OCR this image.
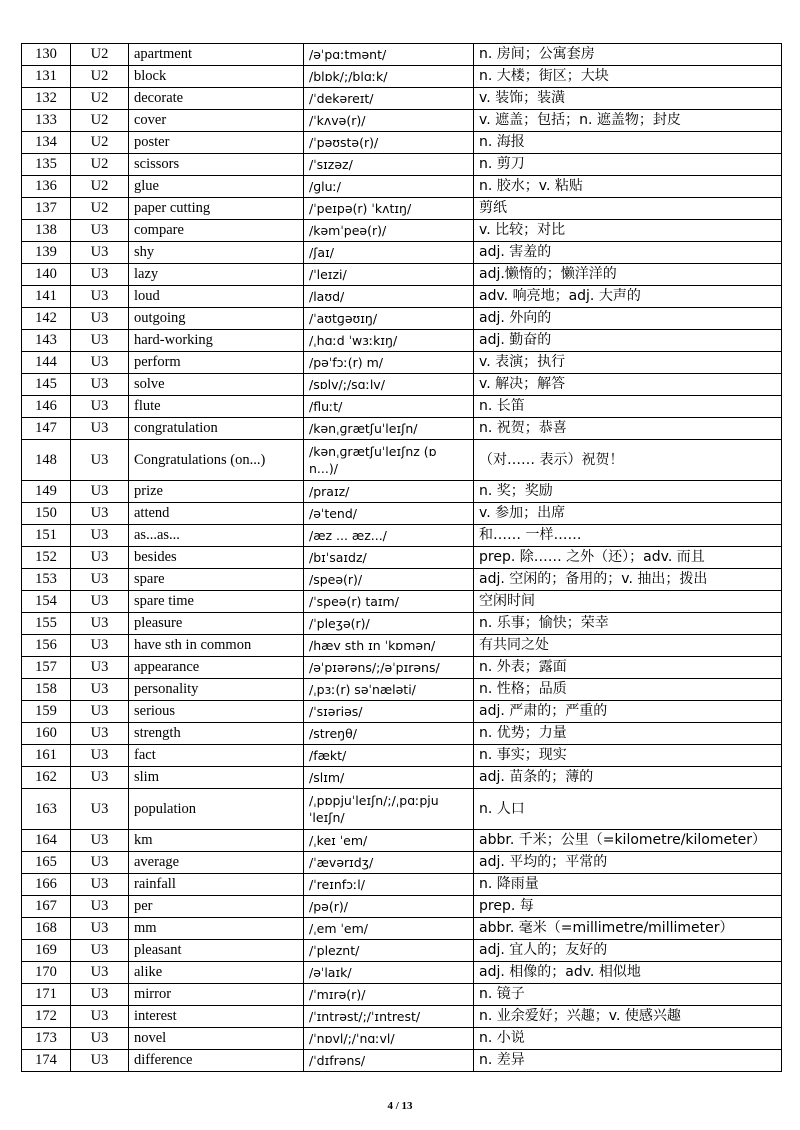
130	U2	apartment	/əˈpɑːtmənt/	n. 房间；公寓套房
131	U2	block	/blɒk/;/blɑːk/	n. 大楼；街区；大块
132	U2	decorate	/ˈdekəreɪt/	v. 装饰；装潢
133	U2	cover	/ˈkʌvə(r)/	v. 遮盖；包括；n. 遮盖物；封皮
134	U2	poster	/ˈpəʊstə(r)/	n. 海报
135	U2	scissors	/ˈsɪzəz/	n. 剪刀
136	U2	glue	/ɡluː/	n. 胶水；v. 粘贴
137	U2	paper cutting	/ˈpeɪpə(r) ˈkʌtɪŋ/	剪纸
138	U3	compare	/kəmˈpeə(r)/	v. 比较；对比
139	U3	shy	/ʃaɪ/	adj. 害羞的
140	U3	lazy	/ˈleɪzi/	adj.懒惰的；懒洋洋的
141	U3	loud	/laʊd/	adv. 响亮地；adj. 大声的
142	U3	outgoing	/ˈaʊtɡəʊɪŋ/	adj. 外向的
143	U3	hard-working	/ˌhɑːd ˈwɜːkɪŋ/	adj. 勤奋的
144	U3	perform	/pəˈfɔː(r) m/	v. 表演；执行
145	U3	solve	/sɒlv/;/sɑːlv/	v. 解决；解答
146	U3	flute	/fluːt/	n. 长笛
147	U3	congratulation	/kənˌɡrætʃuˈleɪʃn/	n. 祝贺；恭喜
148	U3	Congratulations (on...)	/kənˌɡrætʃuˈleɪʃnz (ɒ n...)/	（对…… 表示）祝贺！
149	U3	prize	/praɪz/	n. 奖；奖励
150	U3	attend	/əˈtend/	v. 参加；出席
151	U3	as...as...	/æz ... æz.../	和…… 一样……
152	U3	besides	/bɪˈsaɪdz/	prep. 除…… 之外（还）；adv. 而且
153	U3	spare	/speə(r)/	adj. 空闲的；备用的；v. 抽出；拨出
154	U3	spare time	/ˈspeə(r) taɪm/	空闲时间
155	U3	pleasure	/ˈpleʒə(r)/	n. 乐事；愉快；荣幸
156	U3	have sth in common	/hæv sth ɪn ˈkɒmən/	有共同之处
157	U3	appearance	/əˈpɪərəns/;/əˈpɪrəns/	n. 外表；露面
158	U3	personality	/ˌpɜː(r) səˈnæləti/	n. 性格；品质
159	U3	serious	/ˈsɪəriəs/	adj. 严肃的；严重的
160	U3	strength	/streŋθ/	n. 优势；力量
161	U3	fact	/fækt/	n. 事实；现实
162	U3	slim	/slɪm/	adj. 苗条的；薄的
163	U3	population	/ˌpɒpjuˈleɪʃn/;/ˌpɑːpju ˈleɪʃn/	n. 人口
164	U3	km	/ˌkeɪ ˈem/	abbr. 千米；公里（=kilometre/kilometer）
165	U3	average	/ˈævərɪdʒ/	adj. 平均的；平常的
166	U3	rainfall	/ˈreɪnfɔːl/	n. 降雨量
167	U3	per	/pə(r)/	prep. 每
168	U3	mm	/ˌem ˈem/	abbr. 毫米（=millimetre/millimeter）
169	U3	pleasant	/ˈpleznt/	adj. 宜人的；友好的
170	U3	alike	/əˈlaɪk/	adj. 相像的；adv. 相似地
171	U3	mirror	/ˈmɪrə(r)/	n. 镜子
172	U3	interest	/ˈɪntrəst/;/ˈɪntrest/	n. 业余爱好；兴趣；v. 使感兴趣
173	U3	novel	/ˈnɒvl/;/ˈnɑːvl/	n. 小说
174	U3	difference	/ˈdɪfrəns/	n. 差异
4 / 13
